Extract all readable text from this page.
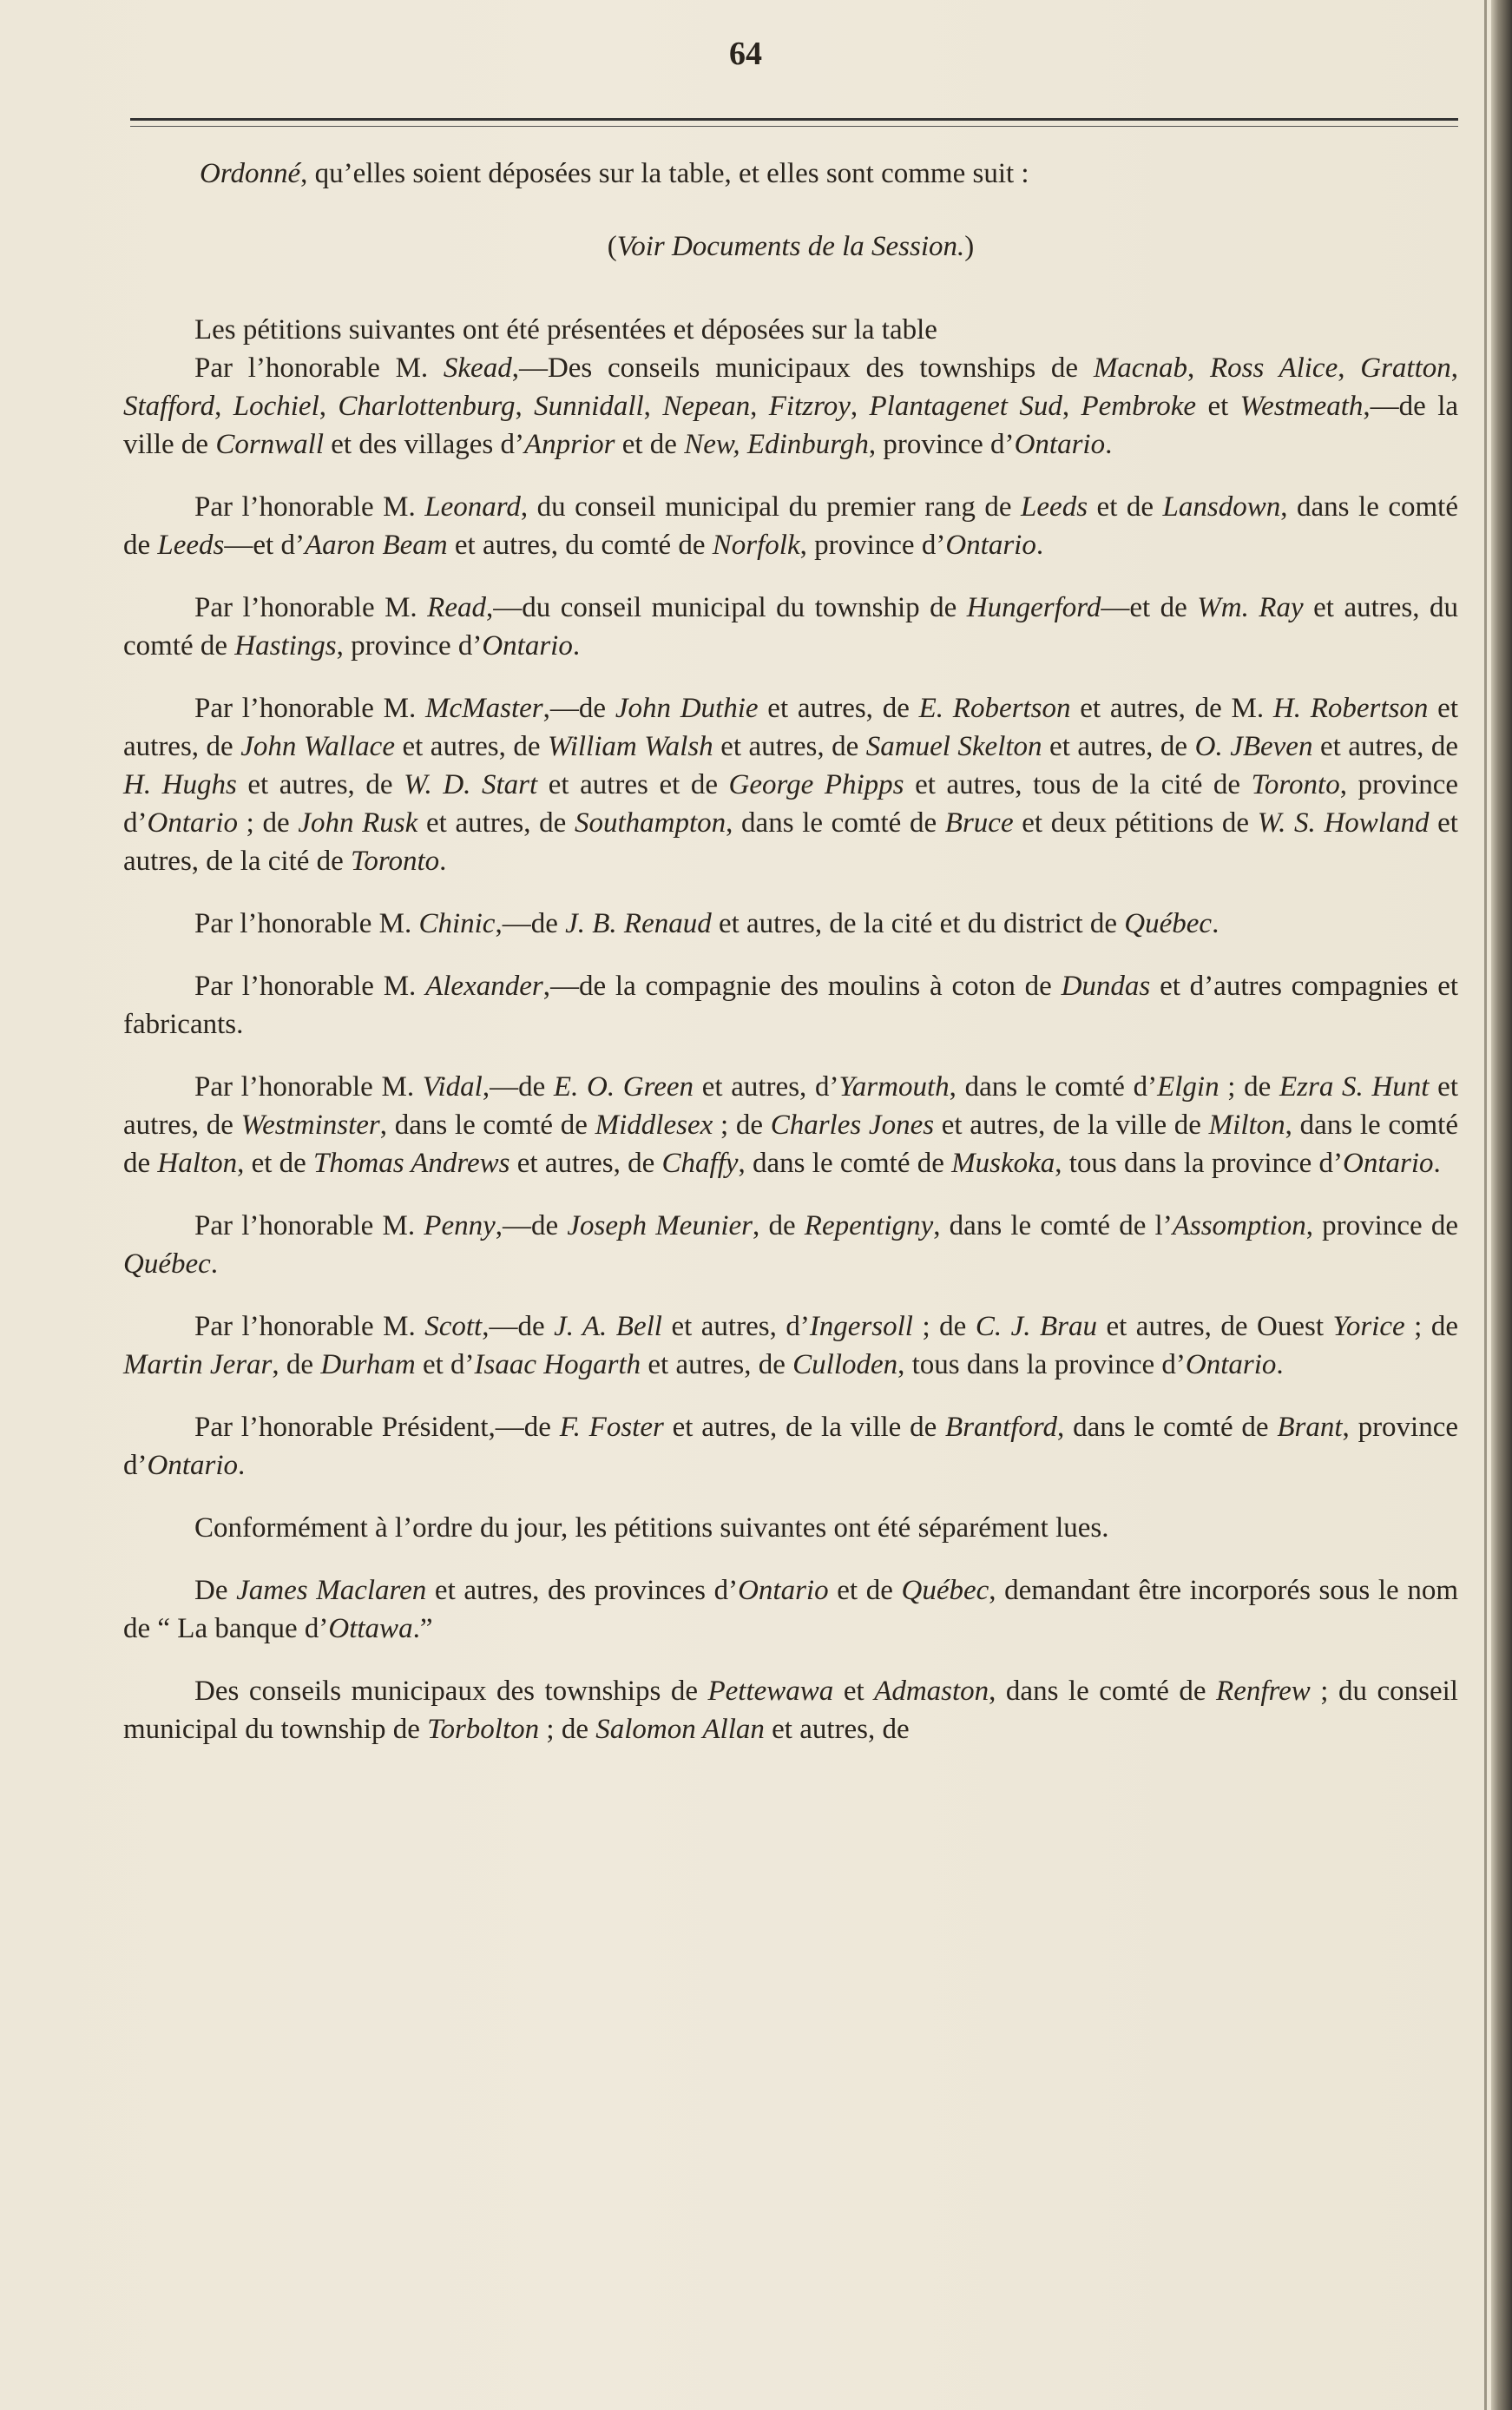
64

Ordonné, qu’elles soient déposées sur la table, et elles sont comme suit :

(Voir Documents de la Session.)

Les pétitions suivantes ont été présentées et déposées sur la table

Par l’honorable M. Skead,—Des conseils municipaux des townships de Macnab, Ross Alice, Gratton, Stafford, Lochiel, Charlottenburg, Sunnidall, Nepean, Fitzroy, Plantagenet Sud, Pembroke et Westmeath,—de la ville de Cornwall et des villages d’Anprior et de New, Edinburgh, province d’Ontario.

Par l’honorable M. Leonard, du conseil municipal du premier rang de Leeds et de Lansdown, dans le comté de Leeds—et d’Aaron Beam et autres, du comté de Norfolk, province d’Ontario.

Par l’honorable M. Read,—du conseil municipal du township de Hungerford—et de Wm. Ray et autres, du comté de Hastings, province d’Ontario.

Par l’honorable M. McMaster,—de John Duthie et autres, de E. Robertson et autres, de M. H. Robertson et autres, de John Wallace et autres, de William Walsh et autres, de Samuel Skelton et autres, de O. JBeven et autres, de H. Hughs et autres, de W. D. Start et autres et de George Phipps et autres, tous de la cité de Toronto, province d’Ontario ; de John Rusk et autres, de Southampton, dans le comté de Bruce et deux pétitions de W. S. Howland et autres, de la cité de Toronto.

Par l’honorable M. Chinic,—de J. B. Renaud et autres, de la cité et du district de Québec.

Par l’honorable M. Alexander,—de la compagnie des moulins à coton de Dundas et d’autres compagnies et fabricants.

Par l’honorable M. Vidal,—de E. O. Green et autres, d’Yarmouth, dans le comté d’Elgin ; de Ezra S. Hunt et autres, de Westminster, dans le comté de Middlesex ; de Charles Jones et autres, de la ville de Milton, dans le comté de Halton, et de Thomas Andrews et autres, de Chaffy, dans le comté de Muskoka, tous dans la province d’Ontario.

Par l’honorable M. Penny,—de Joseph Meunier, de Repentigny, dans le comté de l’Assomption, province de Québec.

Par l’honorable M. Scott,—de J. A. Bell et autres, d’Ingersoll ; de C. J. Brau et autres, de Ouest Yorice ; de Martin Jerar, de Durham et d’Isaac Hogarth et autres, de Culloden, tous dans la province d’Ontario.

Par l’honorable Président,—de F. Foster et autres, de la ville de Brantford, dans le comté de Brant, province d’Ontario.

Conformément à l’ordre du jour, les pétitions suivantes ont été séparément lues.

De James Maclaren et autres, des provinces d’Ontario et de Québec, demandant être incorporés sous le nom de “ La banque d’Ottawa.”

Des conseils municipaux des townships de Pettewawa et Admaston, dans le comté de Renfrew ; du conseil municipal du township de Torbolton ; de Salomon Allan et autres, de
